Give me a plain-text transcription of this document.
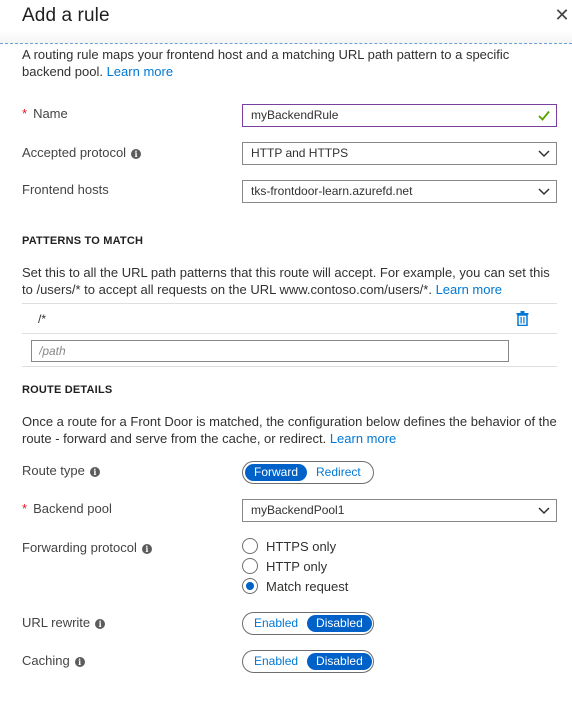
Add a rule	✕
A routing rule maps your frontend host and a matching URL path pattern to a specific backend pool. Learn more
* Name	myBackendRule
Accepted protocol i	HTTP and HTTPS
Frontend hosts	tks-frontdoor-learn.azurefd.net
PATTERNS TO MATCH
Set this to all the URL path patterns that this route will accept. For example, you can set this to /users/* to accept all requests on the URL www.contoso.com/users/*. Learn more
/*
/path
ROUTE DETAILS
Once a route for a Front Door is matched, the configuration below defines the behavior of the route - forward and serve from the cache, or redirect. Learn more
Route type i	Forward	Redirect
* Backend pool	myBackendPool1
Forwarding protocol i	HTTPS only
HTTP only
Match request
URL rewrite i	Enabled	Disabled
Caching i	Enabled	Disabled
